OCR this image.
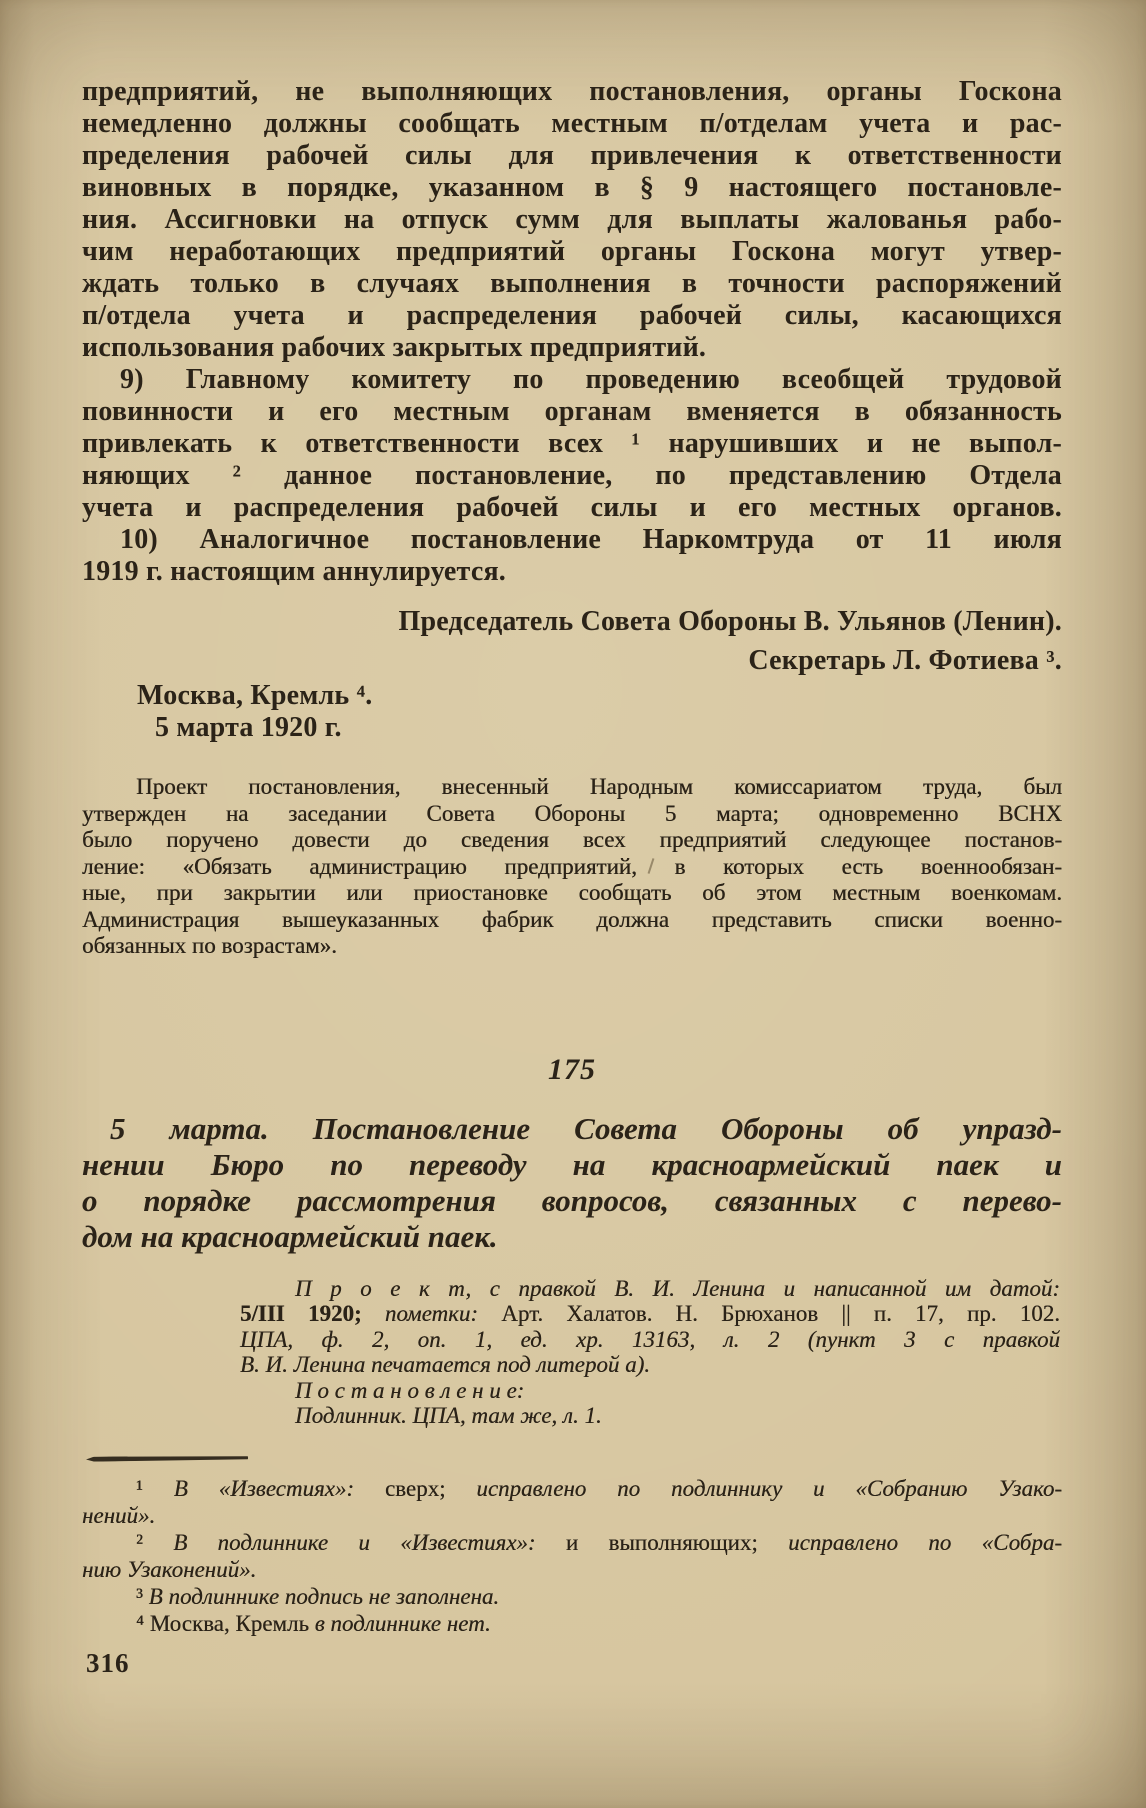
предприятий, не выполняющих постановления, органы Госкона
немедленно должны сообщать местным п/отделам учета и рас-
пределения рабочей силы для привлечения к ответственности
виновных в порядке, указанном в § 9 настоящего постановле-
ния. Ассигновки на отпуск сумм для выплаты жалованья рабо-
чим неработающих предприятий органы Госкона могут утвер-
ждать только в случаях выполнения в точности распоряжений
п/отдела учета и распределения рабочей силы, касающихся
использования рабочих закрытых предприятий.
9) Главному комитету по проведению всеобщей трудовой
повинности и его местным органам вменяется в обязанность
привлекать к ответственности всех ¹ нарушивших и не выпол-
няющих ² данное постановление, по представлению Отдела
учета и распределения рабочей силы и его местных органов.
10) Аналогичное постановление Наркомтруда от 11 июля
1919 г. настоящим аннулируется.
Председатель Совета Обороны В. Ульянов (Ленин).
Секретарь Л. Фотиева ³.
Москва, Кремль ⁴.
5 марта 1920 г.
Проект постановления, внесенный Народным комиссариатом труда, был
утвержден на заседании Совета Обороны 5 марта; одновременно ВСНХ
было поручено довести до сведения всех предприятий следующее постанов-
ление: «Обязать администрацию предприятий, в которых есть военнообязан-
ные, при закрытии или приостановке сообщать об этом местным военкомам.
Администрация вышеуказанных фабрик должна представить списки военно-
обязанных по возрастам».
175
5 марта. Постановление Совета Обороны об упразд-
нении Бюро по переводу на красноармейский паек и
о порядке рассмотрения вопросов, связанных с перево-
дом на красноармейский паек.
П р о е к т, с правкой В. И. Ленина и написанной им датой:
5/III 1920; пометки: Арт. Халатов. Н. Брюханов || п. 17, пр. 102.
ЦПА, ф. 2, оп. 1, ед. хр. 13163, л. 2 (пункт 3 с правкой
В. И. Ленина печатается под литерой а).
П о с т а н о в л е н и е:
Подлинник. ЦПА, там же, л. 1.
¹ В «Известиях»: сверх; исправлено по подлиннику и «Собранию Узако-
нений».
² В подлиннике и «Известиях»: и выполняющих; исправлено по «Собра-
нию Узаконений».
³ В подлиннике подпись не заполнена.
⁴ Москва, Кремль в подлиннике нет.
316
